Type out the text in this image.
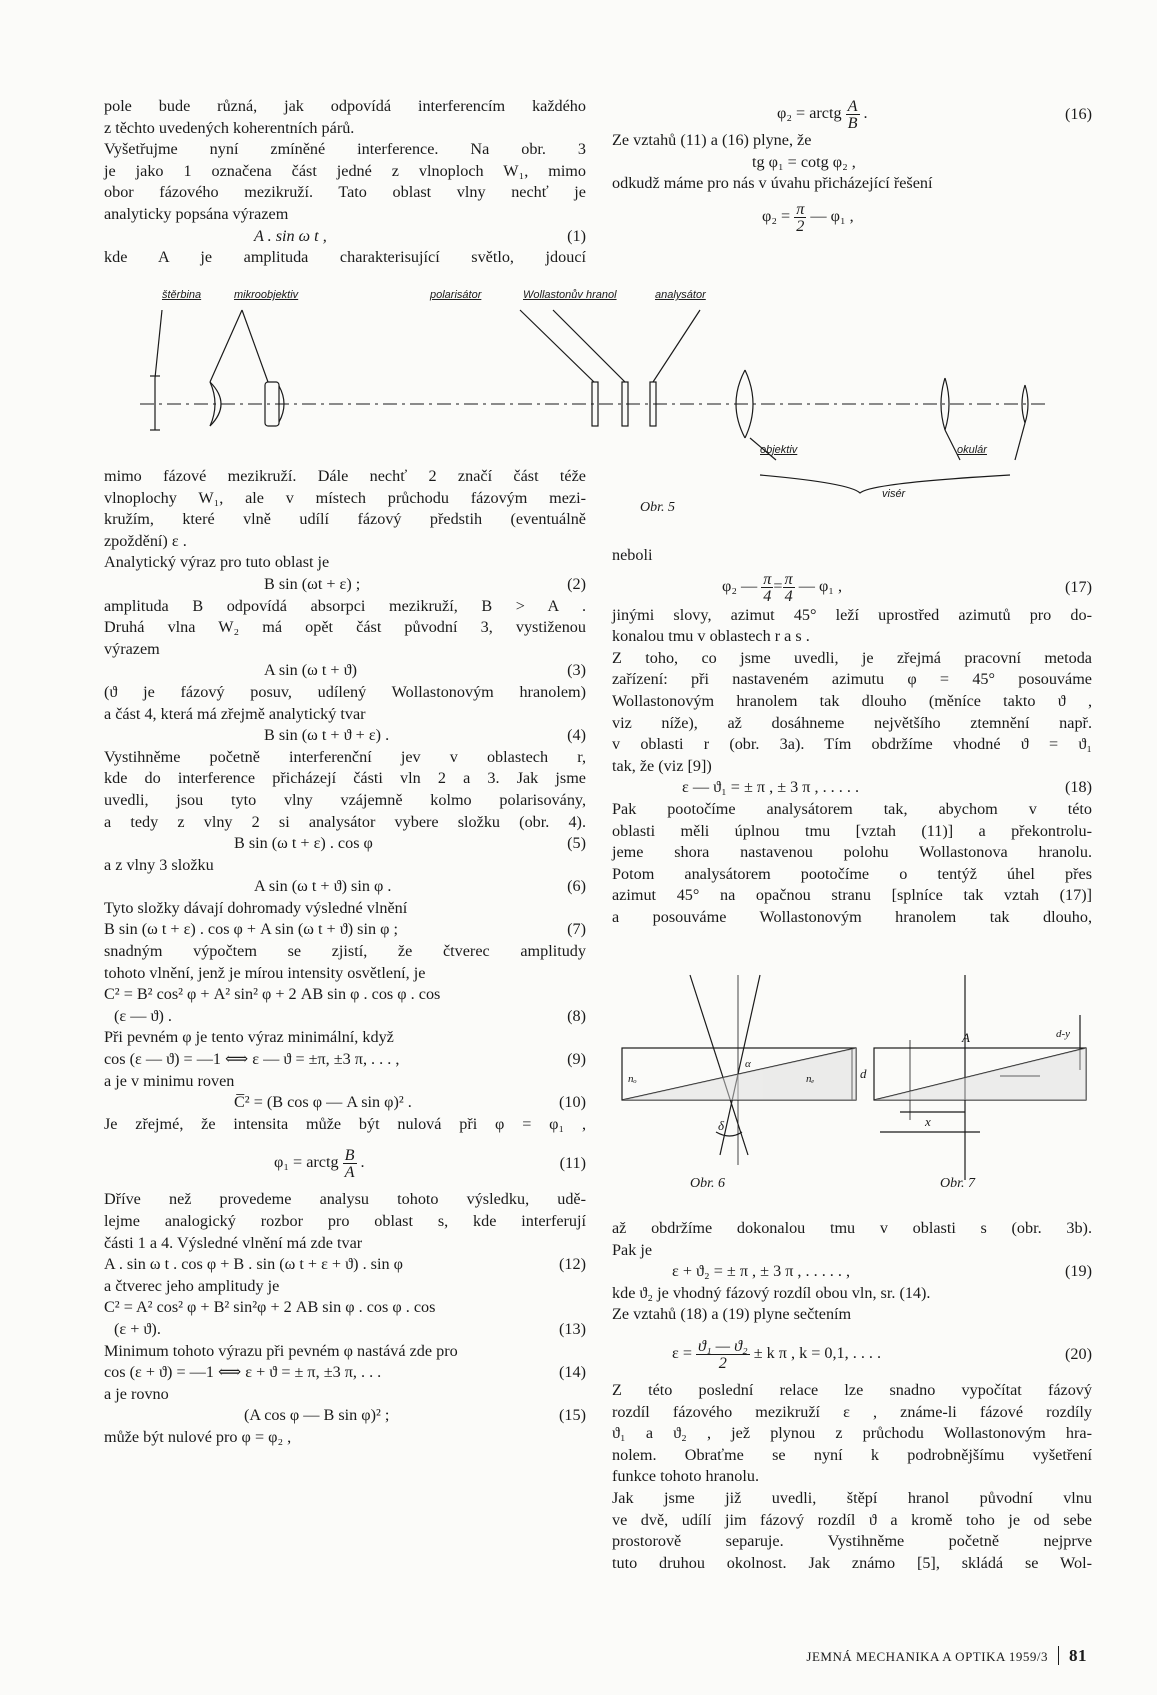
pole bude různá, jak odpovídá interferencím každého
z těchto uvedených koherentních párů.
Vyšetřujme nyní zmíněné interference. Na obr. 3
je jako 1 označena část jedné z vlnoploch W₁, mimo
obor fázového mezikruží. Tato oblast vlny nechť je
analyticky popsána výrazem
A . sin ω t ,	(1)
kde A je amplituda charakterisující světlo, jdoucí
φ₂ = arctg $\frac{A}{B}$ .	(16)
Ze vztahů (11) a (16) plyne, že
tg φ₁ = cotg φ₂ ,
odkudž máme pro nás v úvahu přicházející řešení
$\varphi_2 = \frac{\pi}{2}$ — φ₁ ,
štěrbina	mikroobjektiv	polarisátor	Wollastonův hranol	analysátor
objektiv	okulár
visér
Obr. 5
mimo fázové mezikruží. Dále nechť 2 značí část téže
vlnoplochy W₁, ale v místech průchodu fázovým mezi-
kružím, které vlně udílí fázový předstih (eventuálně
zpoždění) ε .
Analytický výraz pro tuto oblast je
B sin (ωt + ε) ;	(2)
amplituda B odpovídá absorpci mezikruží, B > A .
Druhá vlna W₂ má opět část původní 3, vystiženou
výrazem
A sin (ω t + ϑ)	(3)
(ϑ je fázový posuv, udílený Wollastonovým hranolem)
a část 4, která má zřejmě analytický tvar
B sin (ω t + ϑ + ε) .	(4)
Vystihněme početně interferenční jev v oblastech r,
kde do interference přicházejí části vln 2 a 3. Jak jsme
uvedli, jsou tyto vlny vzájemně kolmo polarisovány,
a tedy z vlny 2 si analysátor vybere složku (obr. 4).
B sin (ω t + ε) . cos φ	(5)
a z vlny 3 složku
A sin (ω t + ϑ) sin φ .	(6)
Tyto složky dávají dohromady výsledné vlnění
B sin (ω t + ε) . cos φ + A sin (ω t + ϑ) sin φ ;	(7)
snadným výpočtem se zjistí, že čtverec amplitudy
tohoto vlnění, jenž je mírou intensity osvětlení, je
C² = B² cos² φ + A² sin² φ + 2 AB sin φ . cos φ . cos
(ε — ϑ) .	(8)
Při pevném φ je tento výraz minimální, když
cos (ε — ϑ) = —1 ⟺ ε — ϑ = ±π, ±3 π, . . . ,	(9)
a je v minimu roven
C̅² = (B cos φ — A sin φ)² .	(10)
Je zřejmé, že intensita může být nulová při φ = φ₁ ,
φ₁ = arctg $\frac{B}{A}$ .	(11)
Dříve než provedeme analysu tohoto výsledku, udě-
lejme analogický rozbor pro oblast s, kde interferují
části 1 a 4. Výsledné vlnění má zde tvar
A . sin ω t . cos φ + B . sin (ω t + ε + ϑ) . sin φ	(12)
a čtverec jeho amplitudy je
C² = A² cos² φ + B² sin²φ + 2 AB sin φ . cos φ . cos
(ε + ϑ).	(13)
Minimum tohoto výrazu při pevném φ nastává zde pro
cos (ε + ϑ) = —1 ⟺ ε + ϑ = ± π, ±3 π, . . .	(14)
a je rovno
(A cos φ — B sin φ)² ;	(15)
může být nulové pro φ = φ₂ ,
neboli
φ₂ — $\frac{\pi}{4} = \frac{\pi}{4}$ — φ₁ ,	(17)
jinými slovy, azimut 45° leží uprostřed azimutů pro do-
konalou tmu v oblastech r a s .
Z toho, co jsme uvedli, je zřejmá pracovní metoda
zařízení: při nastaveném azimutu φ = 45° posouváme
Wollastonovým hranolem tak dlouho (měníce takto ϑ ,
viz níže), až dosáhneme největšího ztemnění např.
v oblasti r (obr. 3a). Tím obdržíme vhodné ϑ = ϑ₁
tak, že (viz [9])
ε — ϑ₁ = ± π , ± 3 π , . . . . .	(18)
Pak pootočíme analysátorem tak, abychom v této
oblasti měli úplnou tmu [vztah (11)] a překontrolu-
jeme shora nastavenou polohu Wollastonova hranolu.
Potom analysátorem pootočíme o tentýž úhel přes
azimut 45° na opačnou stranu [splníce tak vztah (17)]
a posouváme Wollastonovým hranolem tak dlouho,
A
d
x
δ
α
nₒ	nₑ
d-y
Obr. 6	Obr. 7
až obdržíme dokonalou tmu v oblasti s (obr. 3b).
Pak je
ε + ϑ₂ = ± π , ± 3 π , . . . . . ,	(19)
kde ϑ₂ je vhodný fázový rozdíl obou vln, sr. (14).
Ze vztahů (18) a (19) plyne sečtením
$\varepsilon = \frac{\text{ϑ₁ — ϑ₂}}{2} \pm k$ π , k = 0,1, . . . .	(20)
Z této poslední relace lze snadno vypočítat fázový
rozdíl fázového mezikruží ε , známe-li fázové rozdíly
ϑ₁ a ϑ₂ , jež plynou z průchodu Wollastonovým hra-
nolem. Obraťme se nyní k podrobnějšímu vyšetření
funkce tohoto hranolu.
Jak jsme již uvedli, štěpí hranol původní vlnu
ve dvě, udílí jim fázový rozdíl ϑ a kromě toho je od sebe
prostorově separuje. Vystihněme početně nejprve
tuto druhou okolnost. Jak známo [5], skládá se Wol-
JEMNÁ MECHANIKA A OPTIKA 1959/3 81
